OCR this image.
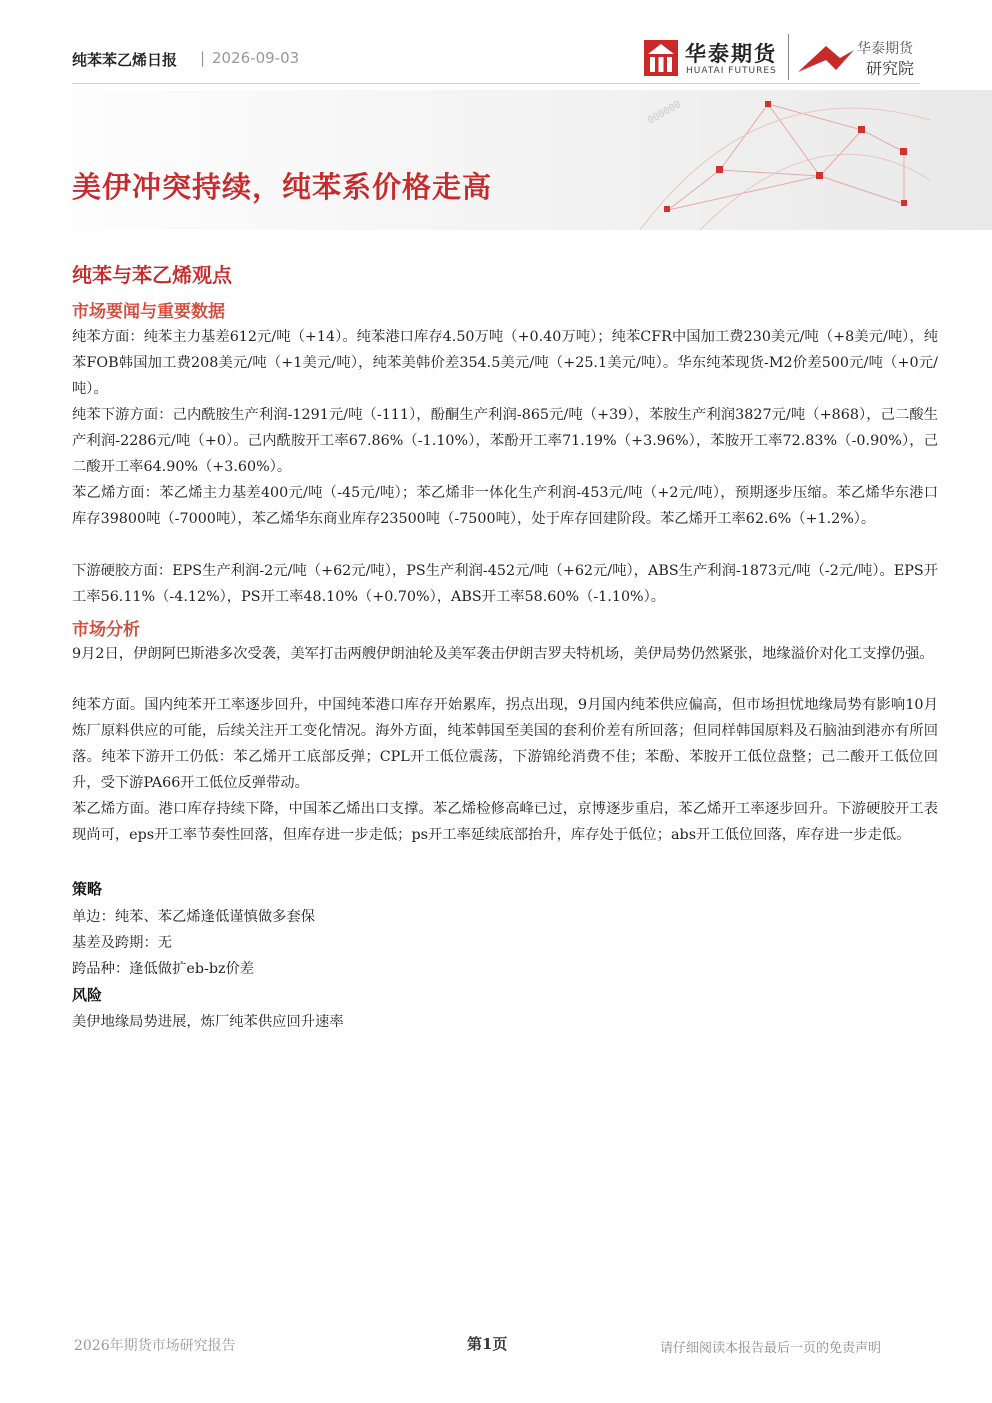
纯苯苯乙烯日报 | 2026-09-03	华泰期货
HUATAI FUTURES
华泰期货
研究院
000000
美伊冲突持续，纯苯系价格走高
纯苯与苯乙烯观点
市场要闻与重要数据
纯苯方面：纯苯主力基差612元/吨（+14）。纯苯港口库存4.50万吨（+0.40万吨）；纯苯CFR中国加工费230美元/吨（+8美元/吨），纯苯FOB韩国加工费208美元/吨（+1美元/吨），纯苯美韩价差354.5美元/吨（+25.1美元/吨）。华东纯苯现货-M2价差500元/吨（+0元/吨）。
纯苯下游方面：己内酰胺生产利润-1291元/吨（-111），酚酮生产利润-865元/吨（+39），苯胺生产利润3827元/吨（+868），己二酸生产利润-2286元/吨（+0）。己内酰胺开工率67.86%（-1.10%），苯酚开工率71.19%（+3.96%），苯胺开工率72.83%（-0.90%），己二酸开工率64.90%（+3.60%）。
苯乙烯方面：苯乙烯主力基差400元/吨（-45元/吨）；苯乙烯非一体化生产利润-453元/吨（+2元/吨），预期逐步压缩。苯乙烯华东港口库存39800吨（-7000吨），苯乙烯华东商业库存23500吨（-7500吨），处于库存回建阶段。苯乙烯开工率62.6%（+1.2%）。
下游硬胶方面：EPS生产利润-2元/吨（+62元/吨），PS生产利润-452元/吨（+62元/吨），ABS生产利润-1873元/吨（-2元/吨）。EPS开工率56.11%（-4.12%），PS开工率48.10%（+0.70%），ABS开工率58.60%（-1.10%）。
市场分析
9月2日，伊朗阿巴斯港多次受袭，美军打击两艘伊朗油轮及美军袭击伊朗吉罗夫特机场，美伊局势仍然紧张，地缘溢价对化工支撑仍强。
纯苯方面。国内纯苯开工率逐步回升，中国纯苯港口库存开始累库，拐点出现，9月国内纯苯供应偏高，但市场担忧地缘局势有影响10月炼厂原料供应的可能，后续关注开工变化情况。海外方面，纯苯韩国至美国的套利价差有所回落；但同样韩国原料及石脑油到港亦有所回落。纯苯下游开工仍低：苯乙烯开工底部反弹；CPL开工低位震荡，下游锦纶消费不佳；苯酚、苯胺开工低位盘整；己二酸开工低位回升，受下游PA66开工低位反弹带动。
苯乙烯方面。港口库存持续下降，中国苯乙烯出口支撑。苯乙烯检修高峰已过，京博逐步重启，苯乙烯开工率逐步回升。下游硬胶开工表现尚可，eps开工率节奏性回落，但库存进一步走低；ps开工率延续底部抬升，库存处于低位；abs开工低位回落，库存进一步走低。
策略
单边：纯苯、苯乙烯逢低谨慎做多套保
基差及跨期：无
跨品种：逢低做扩eb-bz价差
风险
美伊地缘局势进展，炼厂纯苯供应回升速率
2026年期货市场研究报告	第1页	请仔细阅读本报告最后一页的免责声明
